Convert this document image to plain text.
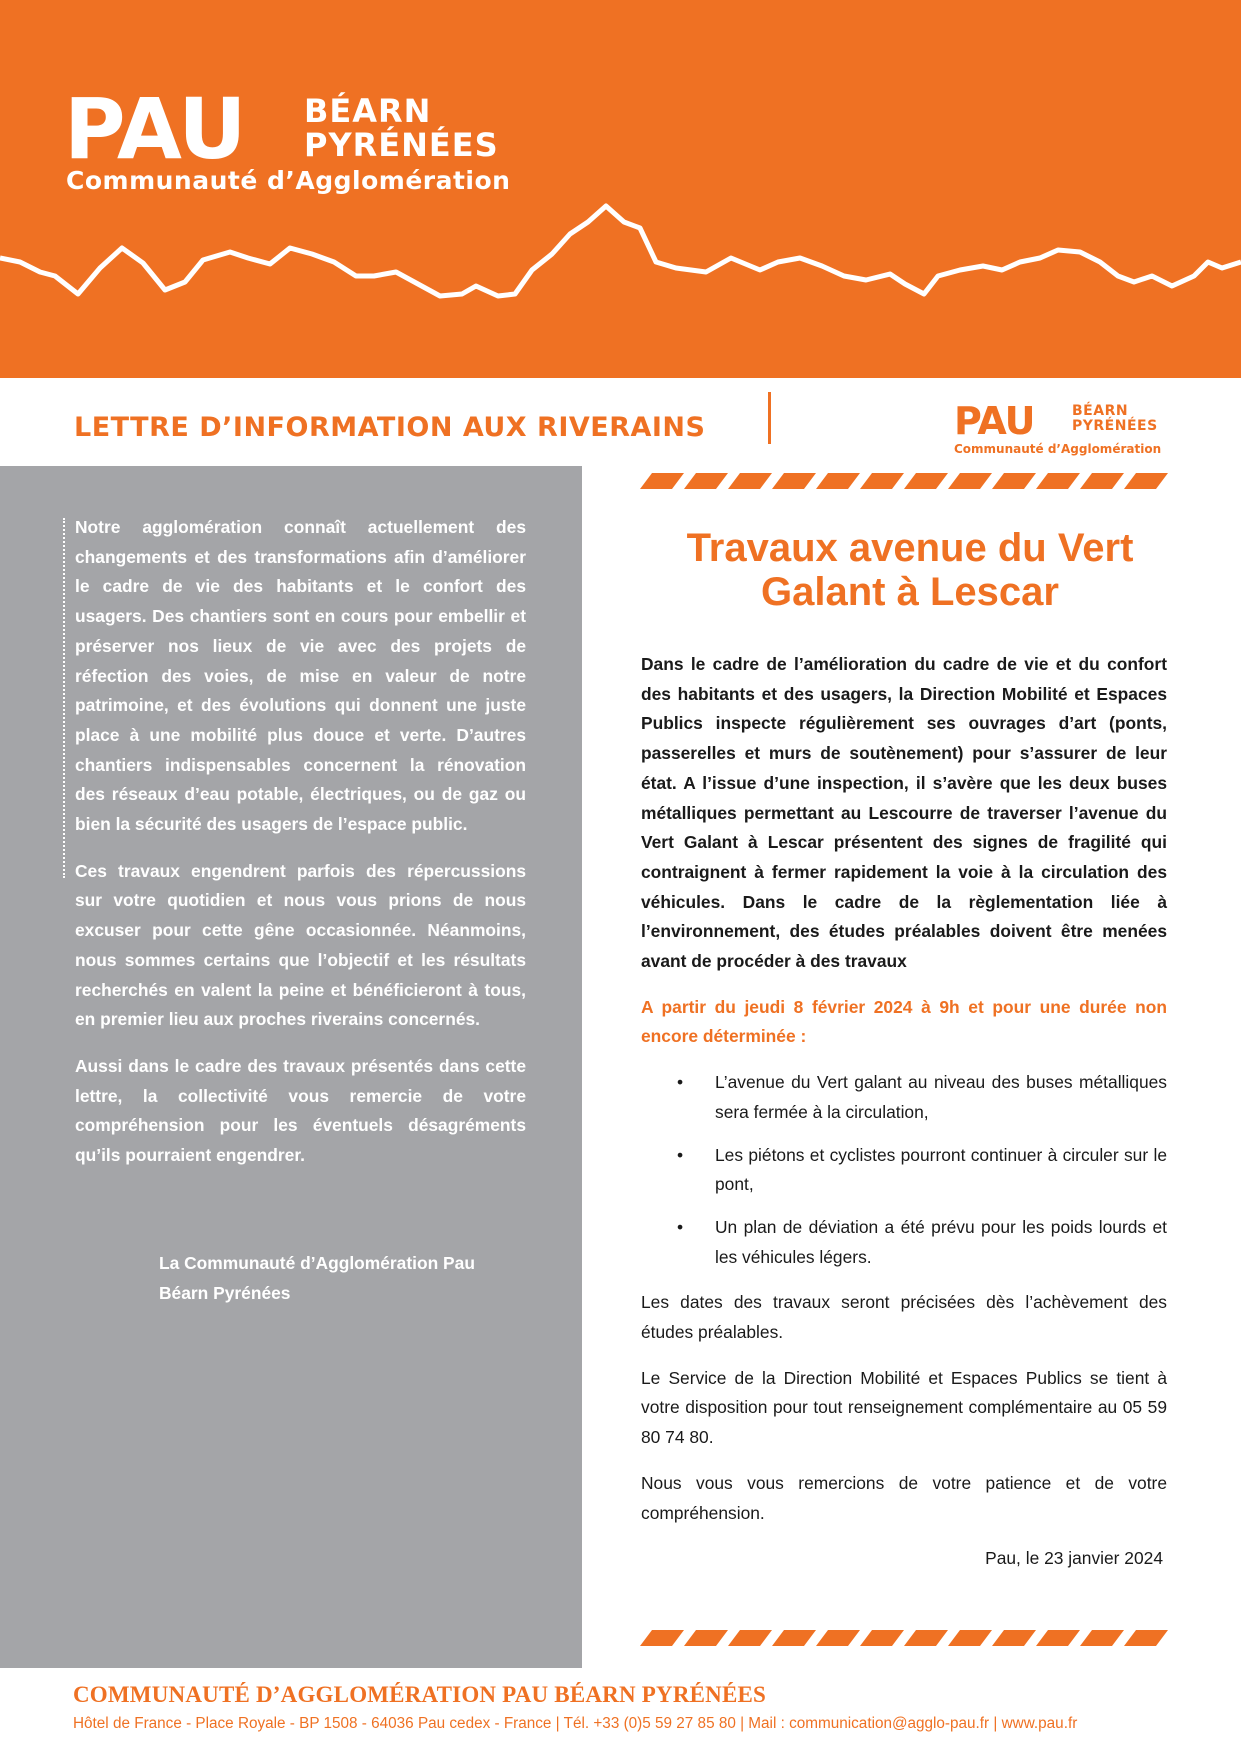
PAU BÉARN
PYRÉNÉES
Communauté d’Agglomération
LETTRE D’INFORMATION AUX RIVERAINS	PAU	BÉARN
PYRÉNÉES
Communauté d’Agglomération

Notre agglomération connaît actuellement des changements et des transformations afin d’améliorer le cadre de vie des habitants et le confort des usagers. Des chantiers sont en cours pour embellir et préserver nos lieux de vie avec des projets de réfection des voies, de mise en valeur de notre patrimoine, et des évolutions qui donnent une juste place à une mobilité plus douce et verte. D’autres chantiers indispensables concernent la rénovation des réseaux d’eau potable, électriques, ou de gaz ou bien la sécurité des usagers de l’espace public.

Ces travaux engendrent parfois des répercussions sur votre quotidien et nous vous prions de nous excuser pour cette gêne occasionnée. Néanmoins, nous sommes certains que l’objectif et les résultats recherchés en valent la peine et bénéficieront à tous, en premier lieu aux proches riverains concernés.

Aussi dans le cadre des travaux présentés dans cette lettre, la collectivité vous remercie de votre compréhension pour les éventuels désagréments qu’ils pourraient engendrer.

La Communauté d’Agglomération Pau
Béarn Pyrénées
Travaux avenue du Vert
Galant à Lescar

Dans le cadre de l’amélioration du cadre de vie et du confort des habitants et des usagers, la Direction Mobilité et Espaces Publics inspecte régulièrement ses ouvrages d’art (ponts, passerelles et murs de soutènement) pour s’assurer de leur état. A l’issue d’une inspection, il s’avère que les deux buses métalliques permettant au Lescourre de traverser l’avenue du Vert Galant à Lescar présentent des signes de fragilité qui contraignent à fermer rapidement la voie à la circulation des véhicules. Dans le cadre de la règlementation liée à l’environnement, des études préalables doivent être menées avant de procéder à des travaux

A partir du jeudi 8 février 2024 à 9h et pour une durée non encore déterminée :

• L’avenue du Vert galant au niveau des buses métalliques sera fermée à la circulation,
• Les piétons et cyclistes pourront continuer à circuler sur le pont,
• Un plan de déviation a été prévu pour les poids lourds et les véhicules légers.

Les dates des travaux seront précisées dès l’achèvement des études préalables.

Le Service de la Direction Mobilité et Espaces Publics se tient à votre disposition pour tout renseignement complémentaire au 05 59 80 74 80.

Nous vous vous remercions de votre patience et de votre compréhension.

Pau, le 23 janvier 2024

COMMUNAUTÉ D’AGGLOMÉRATION PAU BÉARN PYRÉNÉES
Hôtel de France - Place Royale - BP 1508 - 64036 Pau cedex - France | Tél. +33 (0)5 59 27 85 80 | Mail : communication@agglo-pau.fr | www.pau.fr
